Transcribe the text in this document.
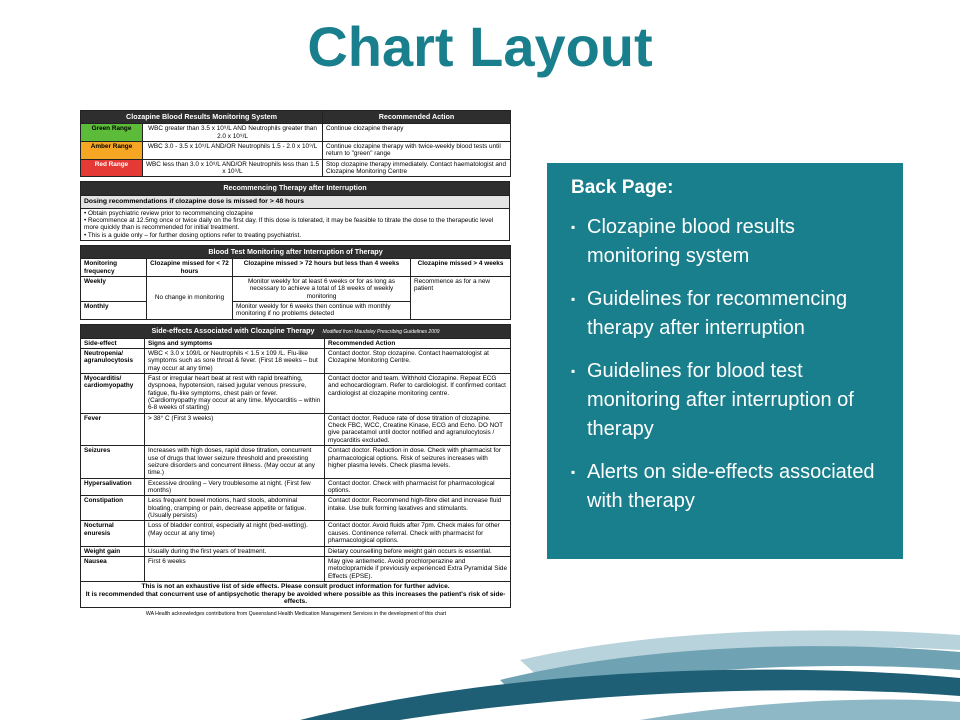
Chart Layout
Clozapine Blood Results Monitoring System		Recommended Action
Green Range	WBC greater than 3.5 x 10⁹/L AND Neutrophils greater than 2.0 x 10⁹/L	Continue clozapine therapy
Amber Range	WBC 3.0 - 3.5 x 10⁹/L AND/OR Neutrophils 1.5 - 2.0 x 10⁹/L	Continue clozapine therapy with twice-weekly blood tests until return to "green" range
Red Range	WBC less than 3.0 x 10⁹/L AND/OR Neutrophils less than 1.5 x 10⁹/L	Stop clozapine therapy immediately. Contact haematologist and Clozapine Monitoring Centre
Recommencing Therapy after Interruption
Dosing recommendations if clozapine dose is missed for > 48 hours

• Obtain psychiatric review prior to recommencing clozapine
• Recommence at 12.5mg once or twice daily on the first day. If this dose is tolerated, it may be feasible to titrate the dose to the therapeutic level more quickly than is recommended for initial treatment.
• This is a guide only – for further dosing options refer to treating psychiatrist.
Blood Test Monitoring after Interruption of Therapy			
Monitoring frequency	Clozapine missed for < 72 hours	Clozapine missed > 72 hours but less than 4 weeks	Clozapine missed > 4 weeks
Weekly	No change in monitoring	Monitor weekly for at least 6 weeks or for as long as necessary to achieve a total of 18 weeks of weekly monitoring	Recommence as for a new patient
Monthly		Monitor weekly for 6 weeks then continue with monthly monitoring if no problems detected	
Side-effects Associated with Clozapine Therapy Modified from Maudsley Prescribing Guidelines 2009		
Side-effect	Signs and symptoms	Recommended Action
Neutropenia/ agranulocytosis	WBC < 3.0 x 109/L or Neutrophils < 1.5 x 109 /L. Flu-like symptoms such as sore throat & fever. (First 18 weeks – but may occur at any time)	Contact doctor. Stop clozapine. Contact haematologist at Clozapine Monitoring Centre.
Myocarditis/ cardiomyopathy	Fast or irregular heart beat at rest with rapid breathing, dyspnoea, hypotension, raised jugular venous pressure, fatigue, flu-like symptoms, chest pain or fever. (Cardiomyopathy may occur at any time. Myocarditis – within 6-8 weeks of starting)	Contact doctor and team. Withhold Clozapine. Repeat ECG and echocardiogram. Refer to cardiologist. If confirmed contact cardiologist at clozapine monitoring centre.
Fever	> 38° C (First 3 weeks)	Contact doctor. Reduce rate of dose titration of clozapine. Check FBC, WCC, Creatine Kinase, ECG and Echo. DO NOT give paracetamol until doctor notified and agranulocytosis / myocarditis excluded.
Seizures	Increases with high doses, rapid dose titration, concurrent use of drugs that lower seizure threshold and preexisting seizure disorders and concurrent illness. (May occur at any time.)	Contact doctor. Reduction in dose. Check with pharmacist for pharmacological options. Risk of seizures increases with higher plasma levels. Check plasma levels.
Hypersalivation	Excessive drooling – Very troublesome at night. (First few months)	Contact doctor. Check with pharmacist for pharmacological options.
Constipation	Less frequent bowel motions, hard stools, abdominal bloating, cramping or pain, decrease appetite or fatigue. (Usually persists)	Contact doctor. Recommend high-fibre diet and increase fluid intake. Use bulk forming laxatives and stimulants.
Nocturnal enuresis	Loss of bladder control, especially at night (bed-wetting). (May occur at any time)	Contact doctor. Avoid fluids after 7pm. Check males for other causes. Continence referral. Check with pharmacist for pharmacological options.
Weight gain	Usually during the first years of treatment.	Dietary counselling before weight gain occurs is essential.
Nausea	First 6 weeks	May give antiemetic. Avoid prochlorperazine and metoclopramide if previously experienced Extra Pyramidal Side Effects (EPSE).

This is not an exhaustive list of side effects. Please consult product information for further advice.
It is recommended that concurrent use of antipsychotic therapy be avoided where possible as this increases the patient's risk of side-effects.		
WA Health acknowledges contributions from Queensland Health Medication Management Services in the development of this chart
Back Page:
▪ Clozapine blood results monitoring system
▪ Guidelines for recommencing therapy after interruption
▪ Guidelines for blood test monitoring after interruption of therapy
▪ Alerts on side-effects associated with therapy
